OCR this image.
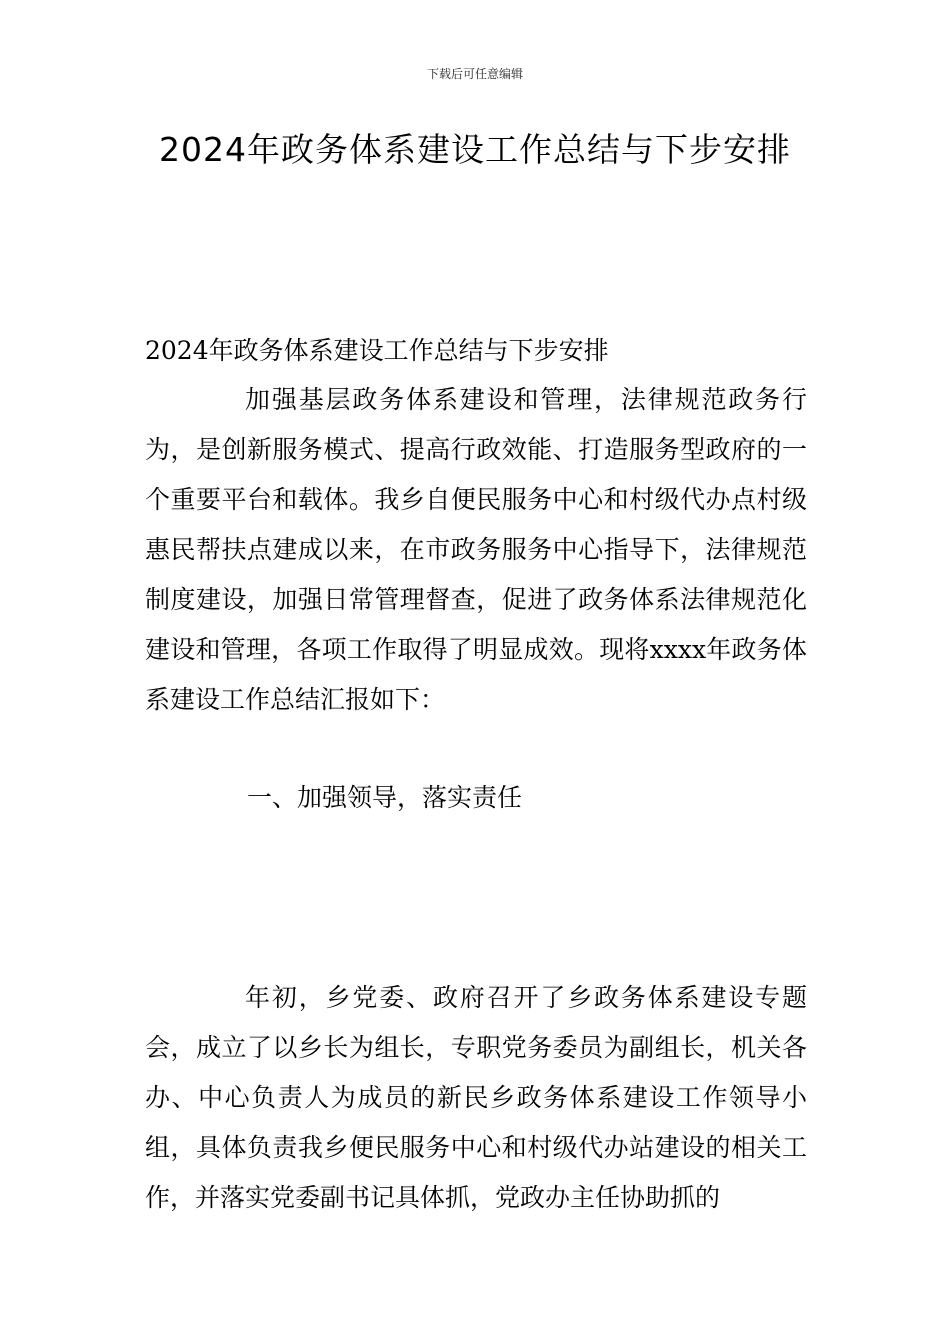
下载后可任意编辑
2024年政务体系建设工作总结与下步安排
2024年政务体系建设工作总结与下步安排

加强基层政务体系建设和管理，法律规范政务行为，是创新服务模式、提高行政效能、打造服务型政府的一个重要平台和载体。我乡自便民服务中心和村级代办点村级惠民帮扶点建成以来，在市政务服务中心指导下，法律规范制度建设，加强日常管理督查，促进了政务体系法律规范化建设和管理，各项工作取得了明显成效。现将xxxx年政务体系建设工作总结汇报如下：

一、加强领导，落实责任

年初，乡党委、政府召开了乡政务体系建设专题会，成立了以乡长为组长，专职党务委员为副组长，机关各办、中心负责人为成员的新民乡政务体系建设工作领导小组，具体负责我乡便民服务中心和村级代办站建设的相关工作，并落实党委副书记具体抓，党政办主任协助抓的
